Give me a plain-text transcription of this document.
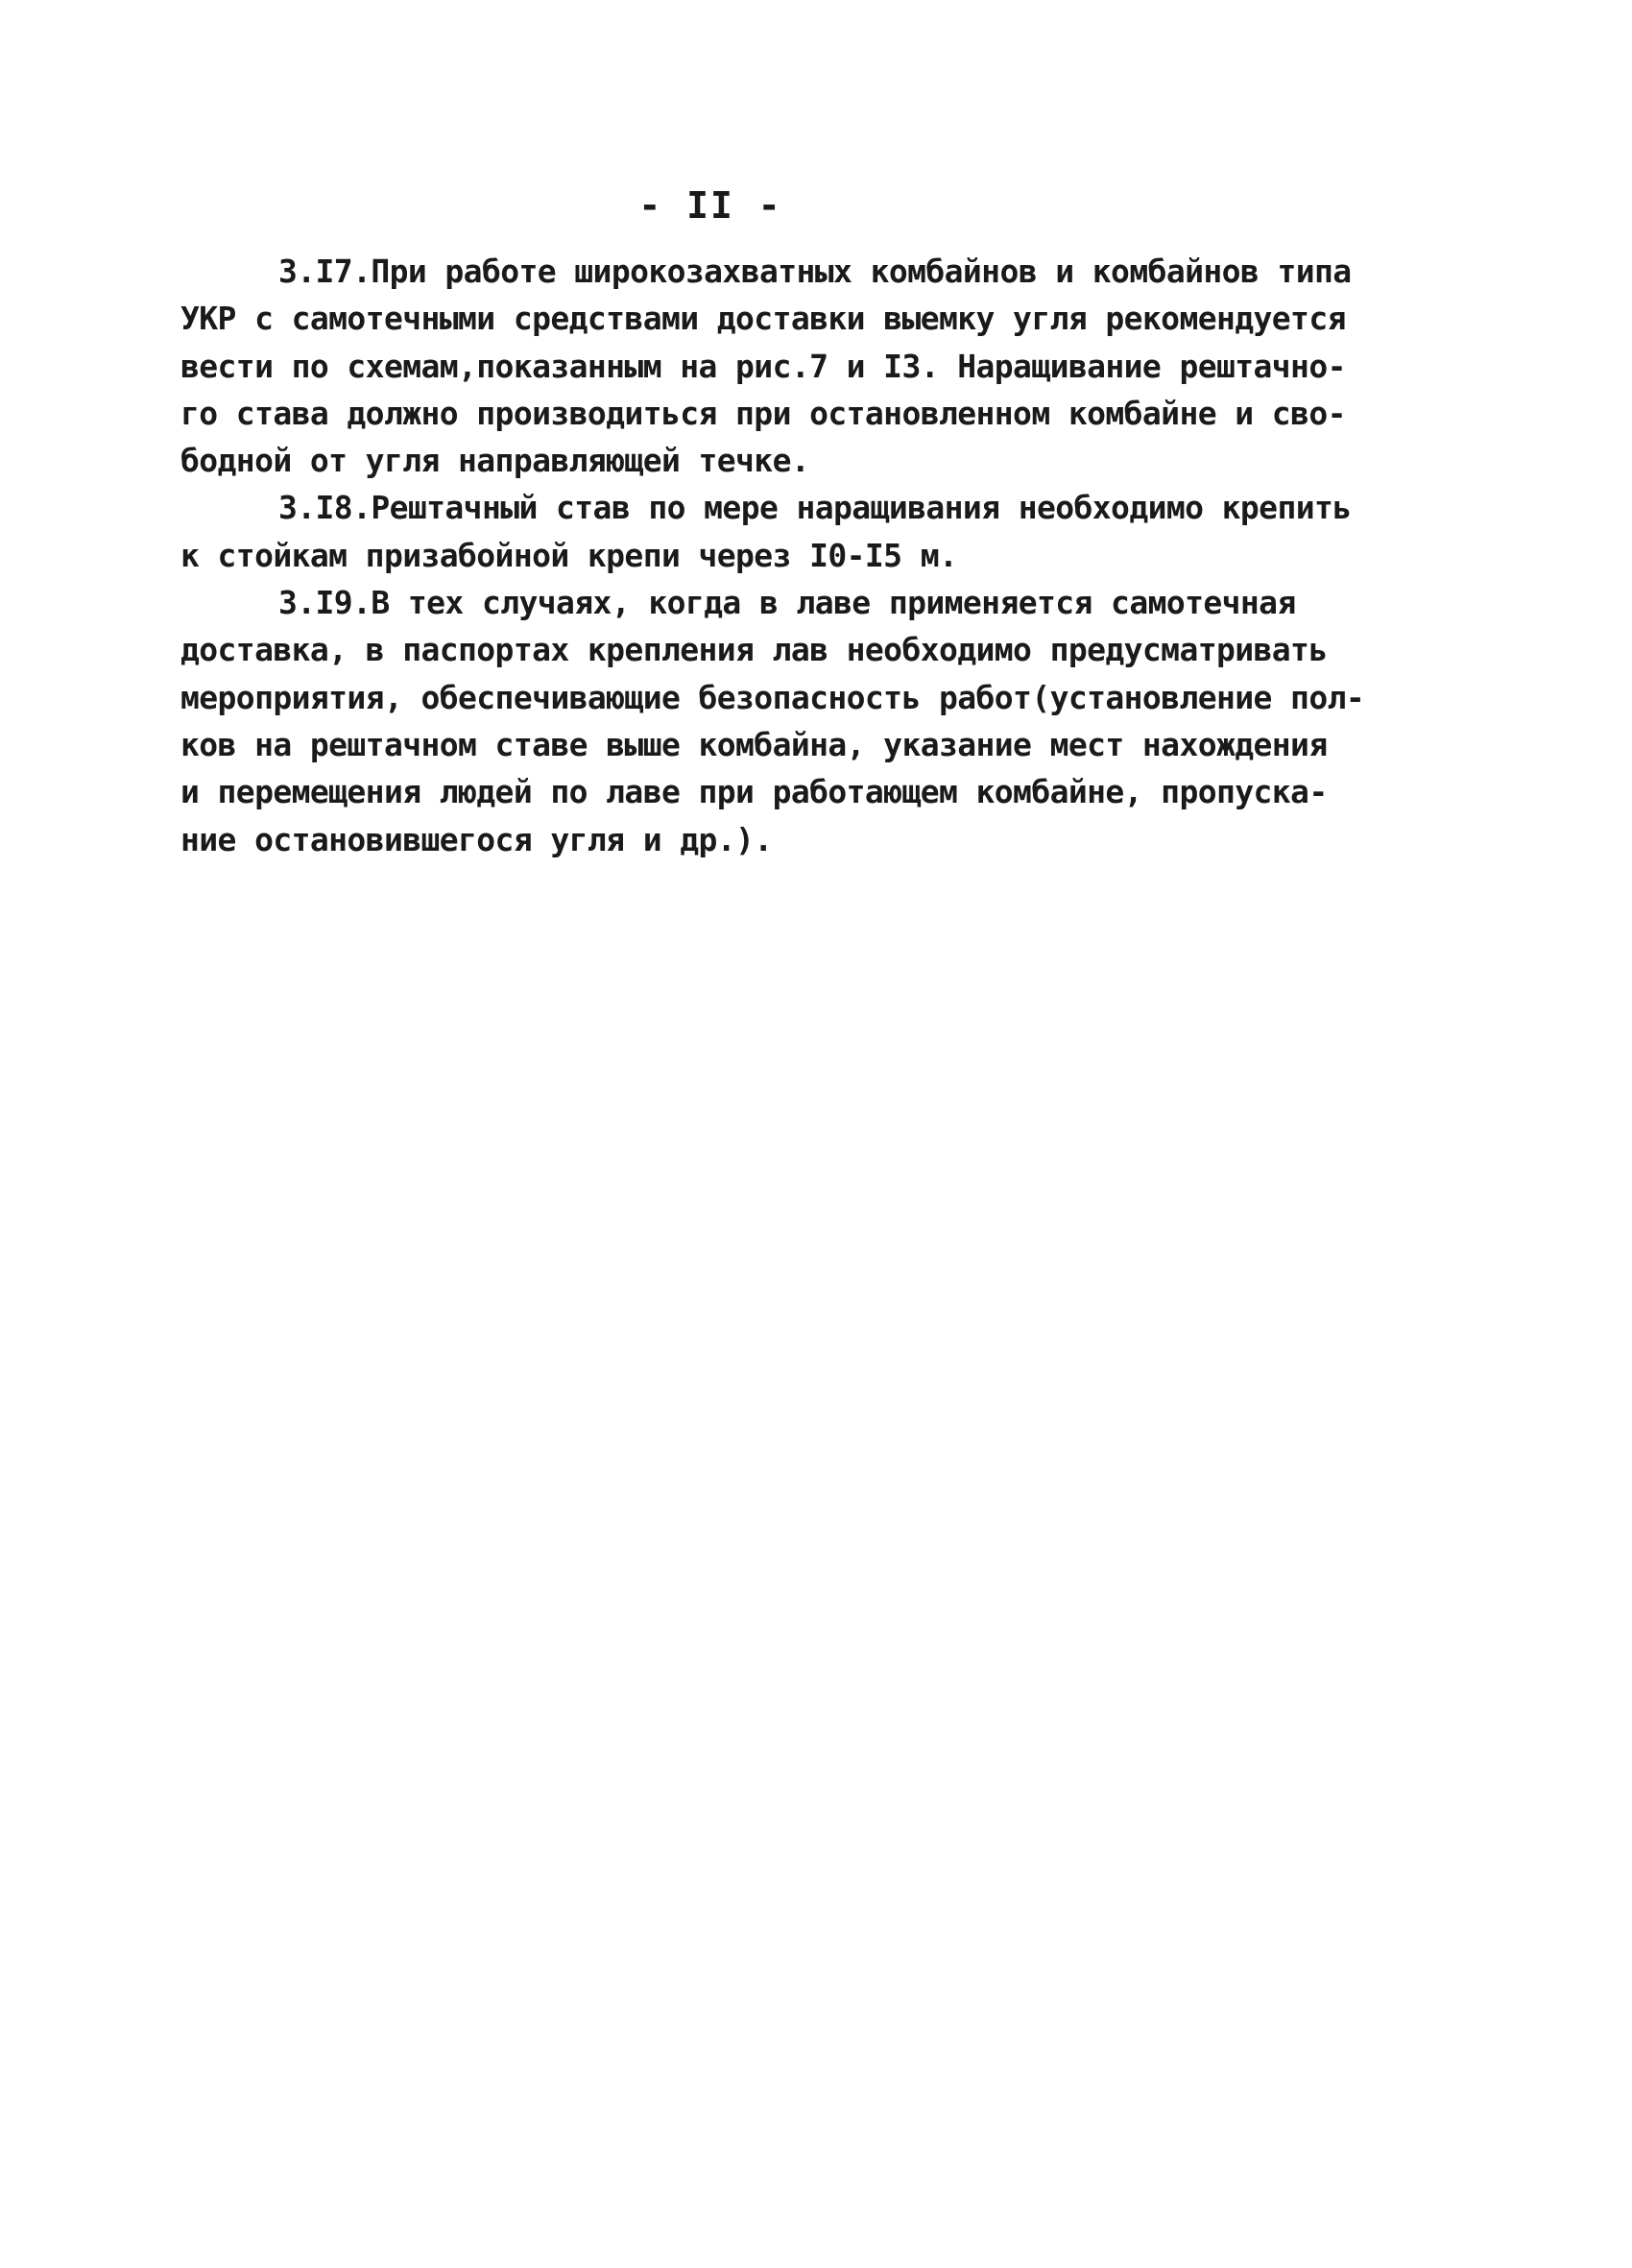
- II -
3.I7.При работе широкозахватных комбайнов и комбайнов типа
УКР с самотечными средствами доставки выемку угля рекомендуется
вести по схемам,показанным на рис.7 и I3. Наращивание рештачно-
го става должно производиться при остановленном комбайне и сво-
бодной от угля направляющей течке.
3.I8.Рештачный став по мере наращивания необходимо крепить
к стойкам призабойной крепи через I0-I5 м.
3.I9.В тех случаях, когда в лаве применяется самотечная
доставка, в паспортах крепления лав необходимо предусматривать
мероприятия, обеспечивающие безопасность работ(установление пол-
ков на рештачном ставе выше комбайна, указание мест нахождения
и перемещения людей по лаве при работающем комбайне, пропуска-
ние остановившегося угля и др.).
